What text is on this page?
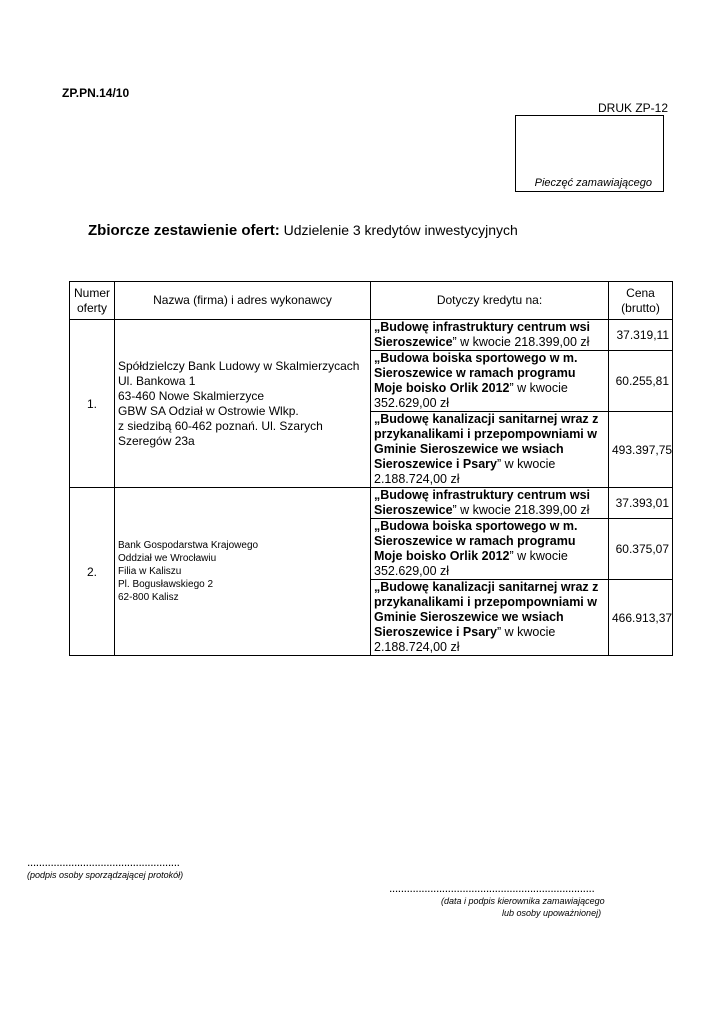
ZP.PN.14/10
DRUK ZP-12
Pieczęć zamawiającego
Zbiorcze zestawienie ofert: Udzielenie 3 kredytów inwestycyjnych
Numer oferty	Nazwa (firma) i adres wykonawcy	Dotyczy kredytu na:	Cena (brutto)
1.	Spółdzielczy Bank Ludowy w Skalmierzycach
Ul. Bankowa 1
63-460 Nowe Skalmierzyce
GBW SA Odział w Ostrowie Wlkp.
z siedzibą 60-462 poznań. Ul. Szarych Szeregów 23a	„Budowę infrastruktury centrum wsi Sieroszewice” w kwocie 218.399,00 zł	37.319,11
		„Budowa boiska sportowego w m. Sieroszewice w ramach programu Moje boisko Orlik 2012” w kwocie 352.629,00 zł	60.255,81
		„Budowę kanalizacji sanitarnej wraz z przykanalikami i przepompowniami w Gminie Sieroszewice we wsiach Sieroszewice i Psary” w kwocie 2.188.724,00 zł	493.397,75
2.	Bank Gospodarstwa Krajowego
Oddział we Wrocławiu
Filia w Kaliszu
Pl. Bogusławskiego 2
62-800 Kalisz	„Budowę infrastruktury centrum wsi Sieroszewice” w kwocie 218.399,00 zł	37.393,01
		„Budowa boiska sportowego w m. Sieroszewice w ramach programu Moje boisko Orlik 2012” w kwocie 352.629,00 zł	60.375,07
		„Budowę kanalizacji sanitarnej wraz z przykanalikami i przepompowniami w Gminie Sieroszewice we wsiach Sieroszewice i Psary” w kwocie 2.188.724,00 zł	466.913,37
....................................................
(podpis osoby sporządzającej protokół)
......................................................................
(data i podpis kierownika zamawiającego
lub osoby upoważnionej)
